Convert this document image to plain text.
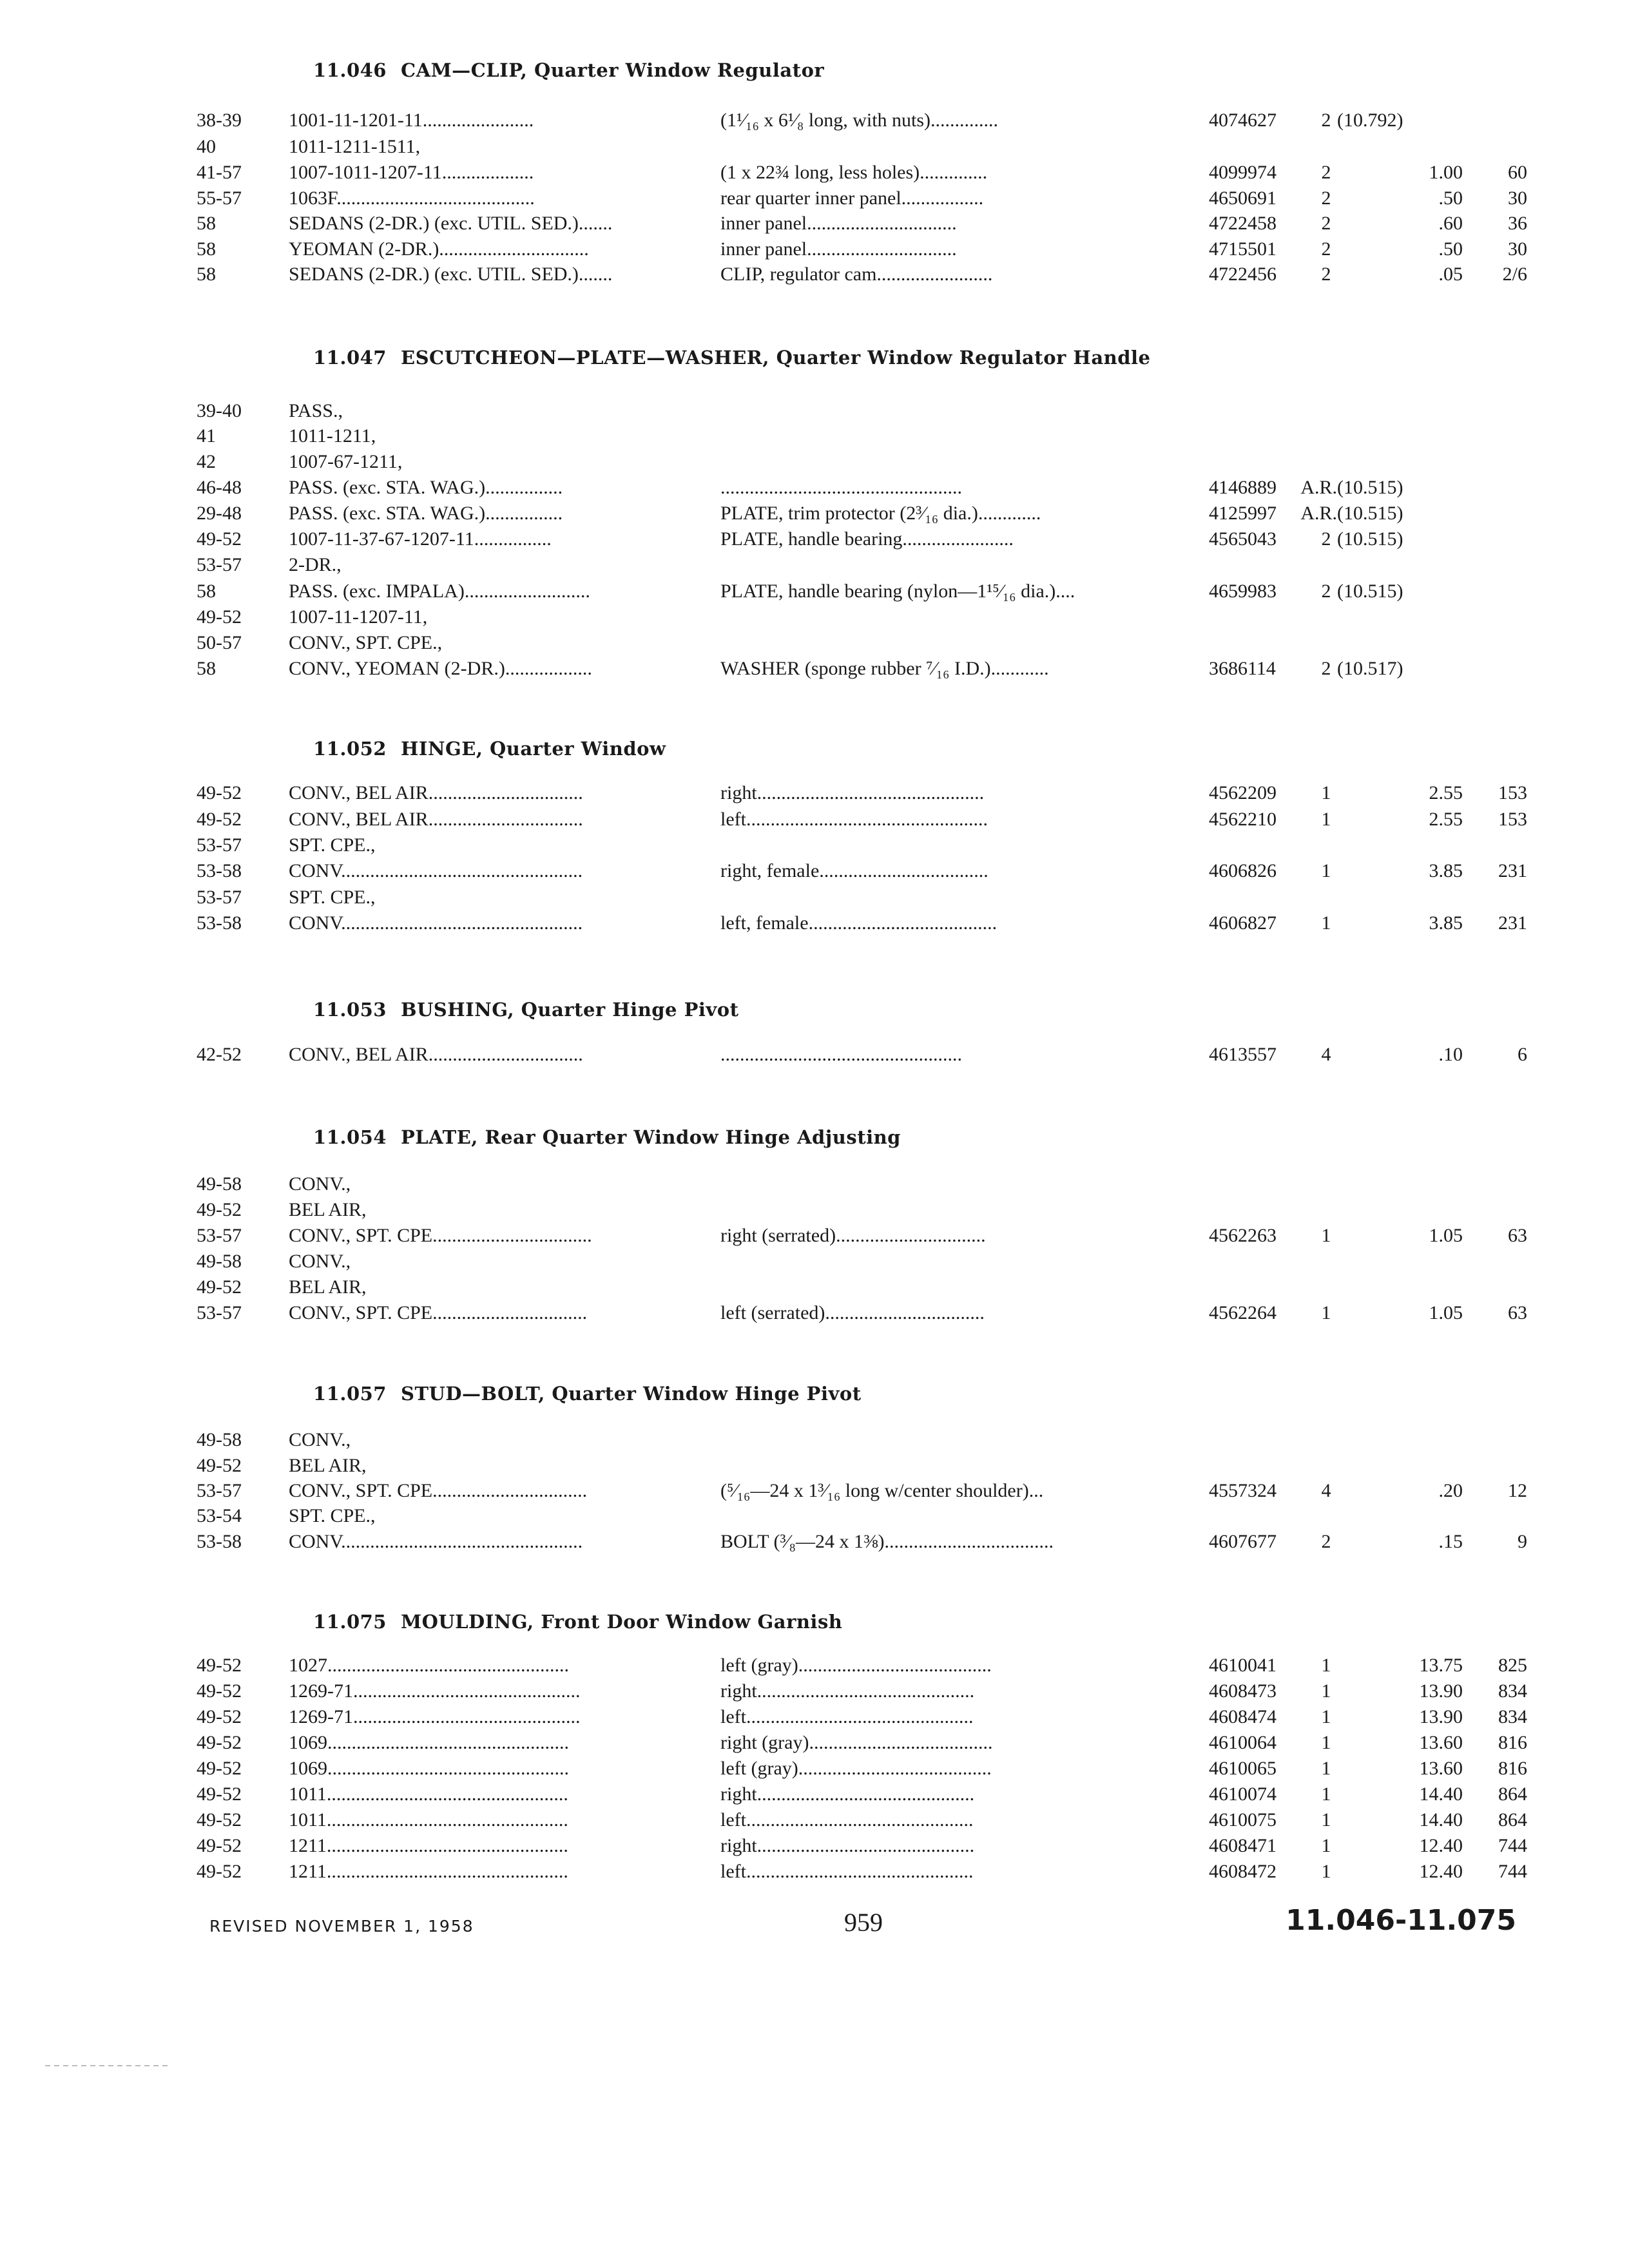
11.046 CAM—CLIP, Quarter Window Regulator
38-39 1001-11-1201-11.......................	(1¹⁄₁₆ x 6¹⁄₈ long, with nuts)..............	4074627 2 (10.792)
40	1011-1211-1511,
41-57 1007-1011-1207-11...................	(1 x 22¾ long, less holes)..............	4099974 2	1.00	60
55-57 1063F.........................................	rear quarter inner panel.................	4650691 2	.50	30
58	SEDANS (2-DR.) (exc. UTIL. SED.).......	inner panel...............................	4722458 2	.60	36
58	YEOMAN (2-DR.)...............................	inner panel...............................	4715501 2	.50	30
58	SEDANS (2-DR.) (exc. UTIL. SED.).......	CLIP, regulator cam........................	4722456 2	.05	2/6
11.047 ESCUTCHEON—PLATE—WASHER, Quarter Window Regulator Handle
39-40 PASS.,
41	1011-1211,
42	1007-67-1211,
46-48 PASS. (exc. STA. WAG.)................	..................................................	4146889 A.R. (10.515)
29-48 PASS. (exc. STA. WAG.)................	PLATE, trim protector (2³⁄₁₆ dia.).............	4125997 A.R. (10.515)
49-52 1007-11-37-67-1207-11................	PLATE, handle bearing.......................	4565043 2 (10.515)
53-57 2-DR.,
58	PASS. (exc. IMPALA)..........................	PLATE, handle bearing (nylon—1¹⁵⁄₁₆ dia.)....	4659983 2 (10.515)
49-52 1007-11-1207-11,
50-57 CONV., SPT. CPE.,
58	CONV., YEOMAN (2-DR.)..................	WASHER (sponge rubber ⁷⁄₁₆ I.D.)............	3686114 2 (10.517)
11.052 HINGE, Quarter Window
49-52 CONV., BEL AIR................................	right...............................................	4562209 1	2.55	153
49-52 CONV., BEL AIR................................	left..................................................	4562210 1	2.55	153
53-57 SPT. CPE.,
53-58 CONV..................................................	right, female...................................	4606826 1	3.85	231
53-57 SPT. CPE.,
53-58 CONV..................................................	left, female.......................................	4606827 1	3.85	231
11.053 BUSHING, Quarter Hinge Pivot
42-52 CONV., BEL AIR................................	..................................................	4613557 4	.10	6
11.054 PLATE, Rear Quarter Window Hinge Adjusting
49-58 CONV.,
49-52 BEL AIR,
53-57 CONV., SPT. CPE.................................	right (serrated)...............................	4562263 1	1.05	63
49-58 CONV.,
49-52 BEL AIR,
53-57 CONV., SPT. CPE................................	left (serrated).................................	4562264 1	1.05	63
11.057 STUD—BOLT, Quarter Window Hinge Pivot
49-58 CONV.,
49-52 BEL AIR,
53-57 CONV., SPT. CPE................................	(⁵⁄₁₆—24 x 1³⁄₁₆ long w/center shoulder)...	4557324 4	.20	12
53-54 SPT. CPE.,
53-58 CONV..................................................	BOLT (³⁄₈—24 x 1⅜)...................................	4607677 2	.15	9
11.075 MOULDING, Front Door Window Garnish
49-52 1027..................................................	left (gray)........................................	4610041 1	13.75	825
49-52 1269-71...............................................	right.............................................	4608473 1	13.90	834
49-52 1269-71...............................................	left...............................................	4608474 1	13.90	834
49-52 1069..................................................	right (gray)......................................	4610064 1	13.60	816
49-52 1069..................................................	left (gray)........................................	4610065 1	13.60	816
49-52 1011..................................................	right.............................................	4610074 1	14.40	864
49-52 1011..................................................	left...............................................	4610075 1	14.40	864
49-52 1211..................................................	right.............................................	4608471 1	12.40	744
49-52 1211..................................................	left...............................................	4608472 1	12.40	744
REVISED NOVEMBER 1, 1958	959	11.046-11.075
